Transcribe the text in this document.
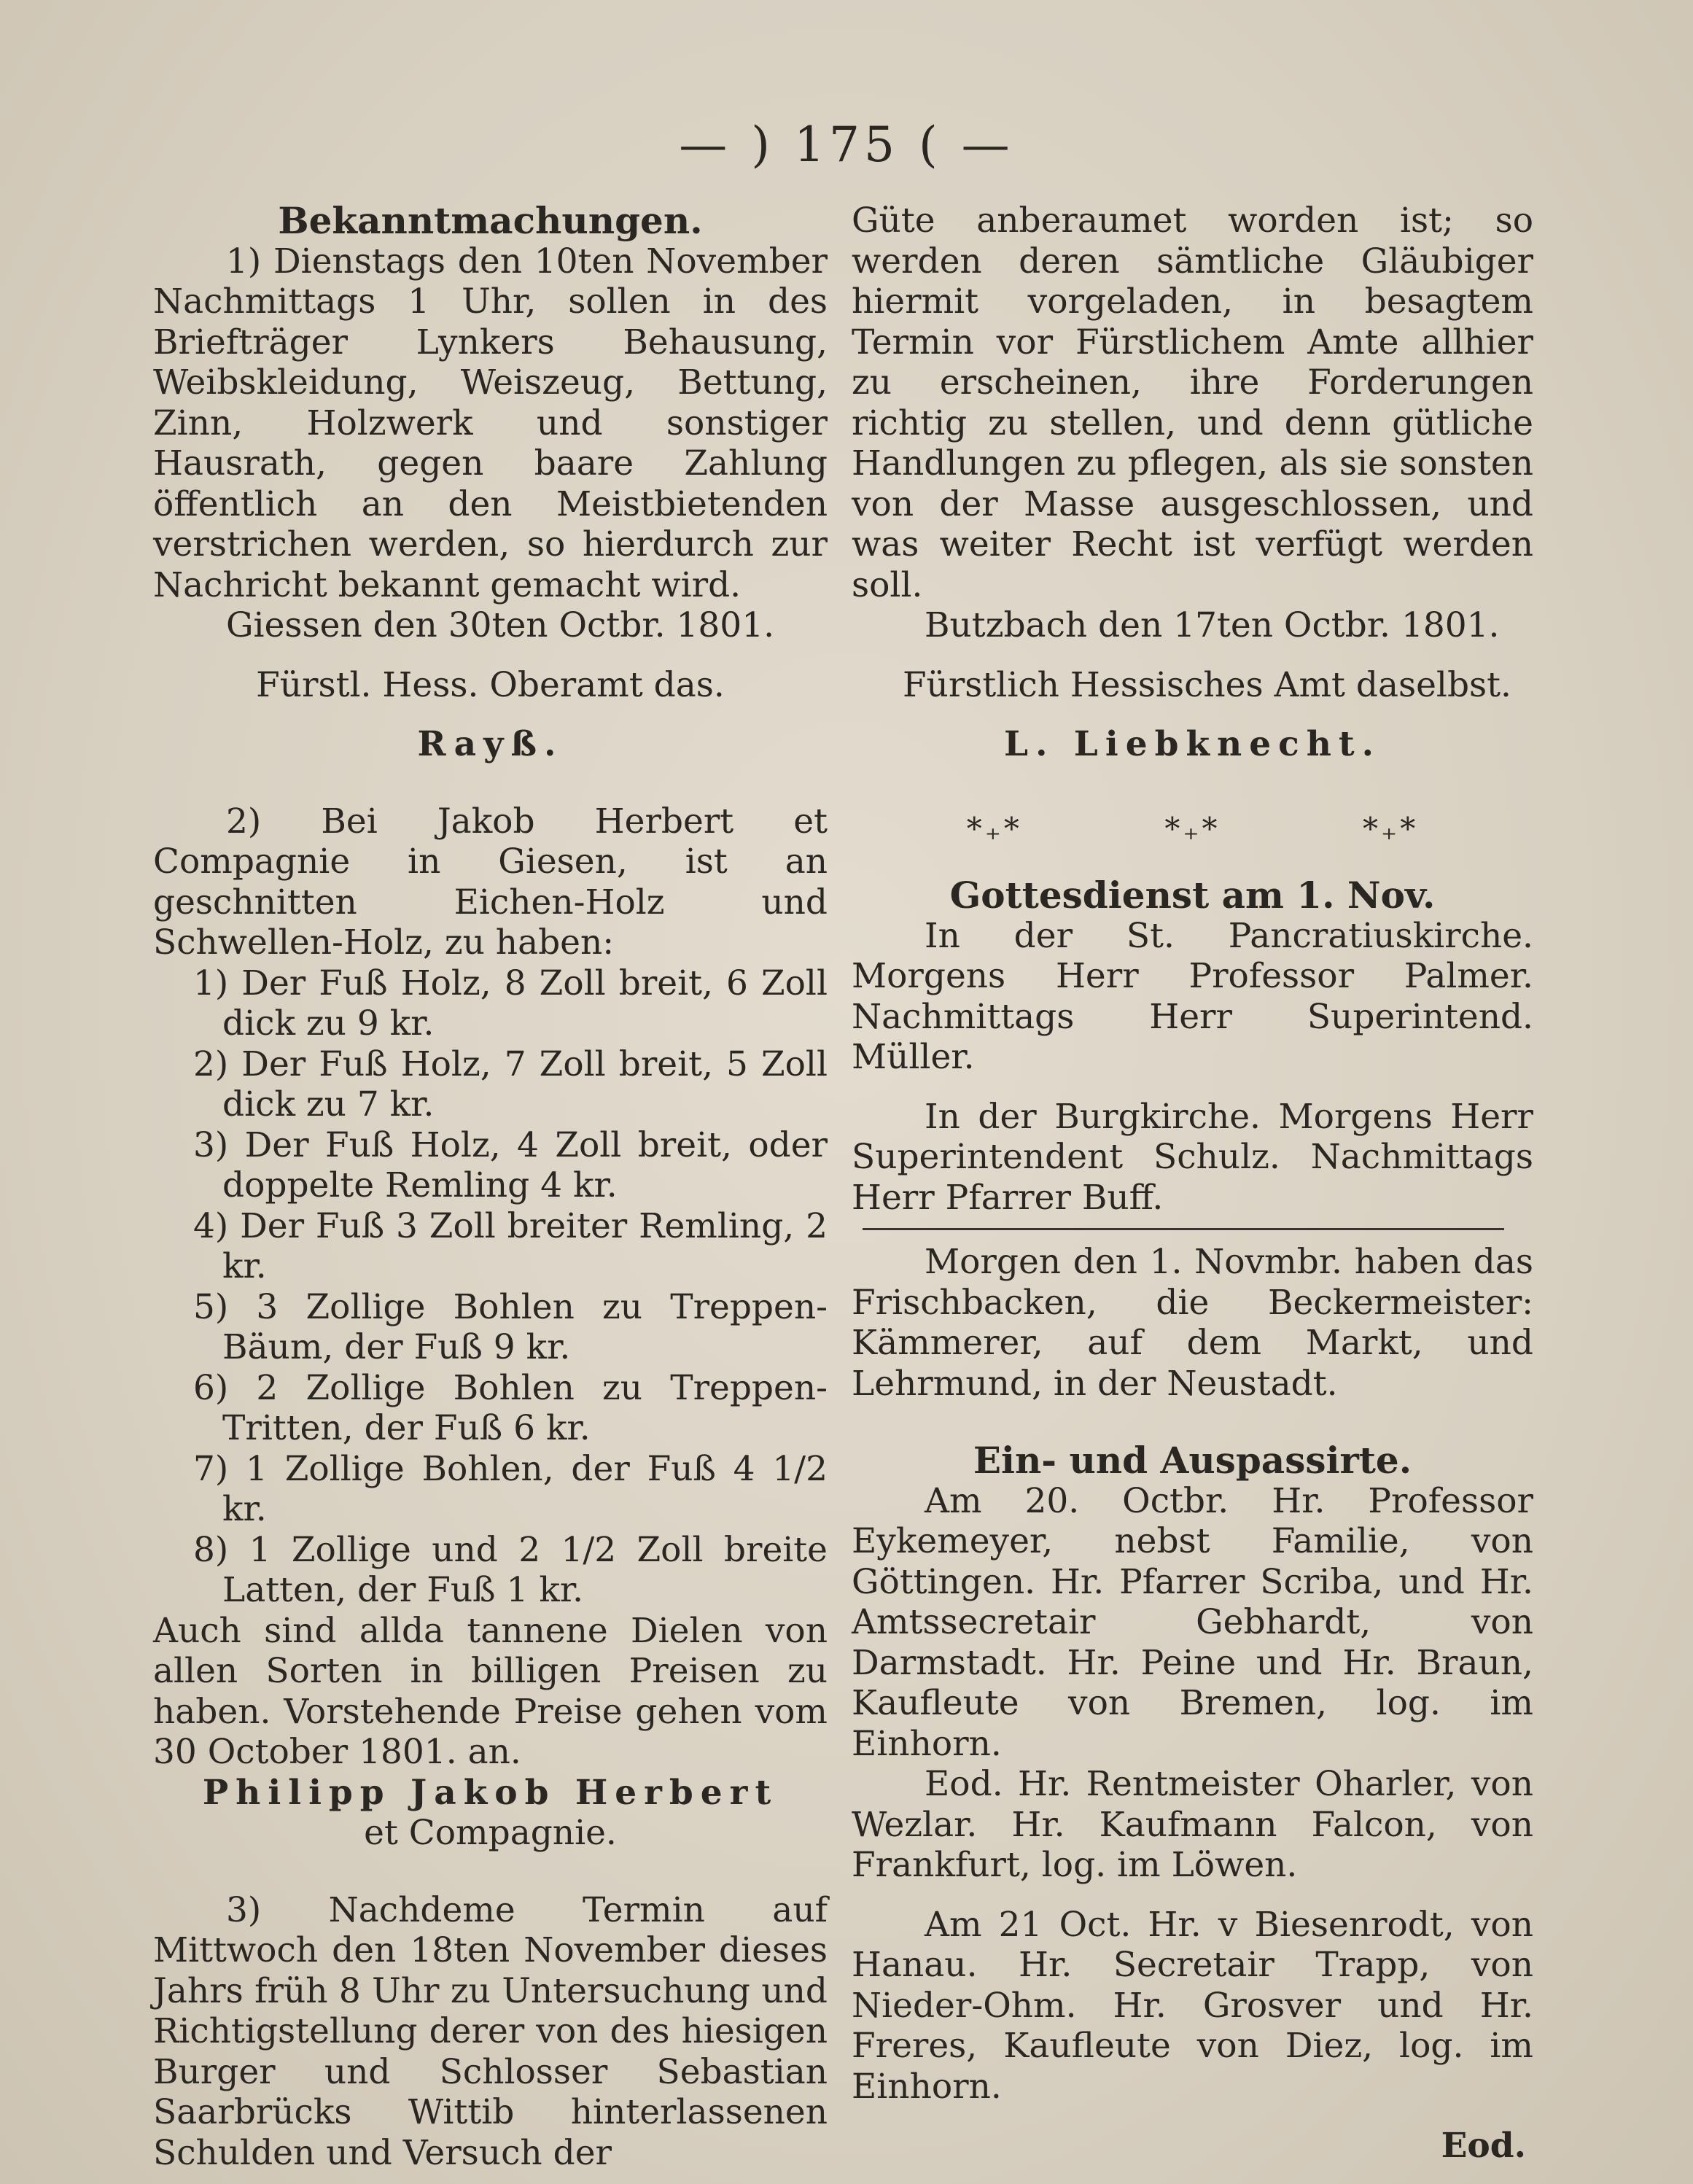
— ) 175 ( —

Bekanntmachungen.

1) Dienstags den 10ten November Nachmittags 1 Uhr, sollen in des Briefträger Lynkers Behausung, Weibskleidung, Weiszeug, Bettung, Zinn, Holzwerk und sonstiger Hausrath, gegen baare Zahlung öffentlich an den Meistbietenden verstrichen werden, so hierdurch zur Nachricht bekannt gemacht wird.

Giessen den 30ten Octbr. 1801.

Fürstl. Hess. Oberamt das.

Rayß.

2) Bei Jakob Herbert et Compagnie in Giesen, ist an geschnitten Eichen-Holz und Schwellen-Holz, zu haben:

1) Der Fuß Holz, 8 Zoll breit, 6 Zoll dick zu 9 kr.

2) Der Fuß Holz, 7 Zoll breit, 5 Zoll dick zu 7 kr.

3) Der Fuß Holz, 4 Zoll breit, oder doppelte Remling 4 kr.

4) Der Fuß 3 Zoll breiter Remling, 2 kr.

5) 3 Zollige Bohlen zu Treppen-Bäum, der Fuß 9 kr.

6) 2 Zollige Bohlen zu Treppen-Tritten, der Fuß 6 kr.

7) 1 Zollige Bohlen, der Fuß 4 1/2 kr.

8) 1 Zollige und 2 1/2 Zoll breite Latten, der Fuß 1 kr.

Auch sind allda tannene Dielen von allen Sorten in billigen Preisen zu haben. Vorstehende Preise gehen vom 30 October 1801. an.

Philipp Jakob Herbert

et Compagnie.

3) Nachdeme Termin auf Mittwoch den 18ten November dieses Jahrs früh 8 Uhr zu Untersuchung und Richtigstellung derer von des hiesigen Burger und Schlosser Sebastian Saarbrücks Wittib hinterlassenen Schulden und Versuch der

Güte anberaumet worden ist; so werden deren sämtliche Gläubiger hiermit vorgeladen, in besagtem Termin vor Fürstlichem Amte allhier zu erscheinen, ihre Forderungen richtig zu stellen, und denn gütliche Handlungen zu pflegen, als sie sonsten von der Masse ausgeschlossen, und was weiter Recht ist verfügt werden soll.

Butzbach den 17ten Octbr. 1801.

Fürstlich Hessisches Amt daselbst.

L. Liebknecht.

*₊*	*₊*	*₊*

Gottesdienst am 1. Nov.

In der St. Pancratiuskirche. Morgens Herr Professor Palmer. Nachmittags Herr Superintend. Müller.

In der Burgkirche. Morgens Herr Superintendent Schulz. Nachmittags Herr Pfarrer Buff.

Morgen den 1. Novmbr. haben das Frischbacken, die Beckermeister: Kämmerer, auf dem Markt, und Lehrmund, in der Neustadt.

Ein- und Auspassirte.

Am 20. Octbr. Hr. Professor Eykemeyer, nebst Familie, von Göttingen. Hr. Pfarrer Scriba, und Hr. Amtssecretair Gebhardt, von Darmstadt. Hr. Peine und Hr. Braun, Kaufleute von Bremen, log. im Einhorn.

Eod. Hr. Rentmeister Oharler, von Wezlar. Hr. Kaufmann Falcon, von Frankfurt, log. im Löwen.

Am 21 Oct. Hr. v Biesenrodt, von Hanau. Hr. Secretair Trapp, von Nieder-Ohm. Hr. Grosver und Hr. Freres, Kaufleute von Diez, log. im Einhorn.

Eod.
